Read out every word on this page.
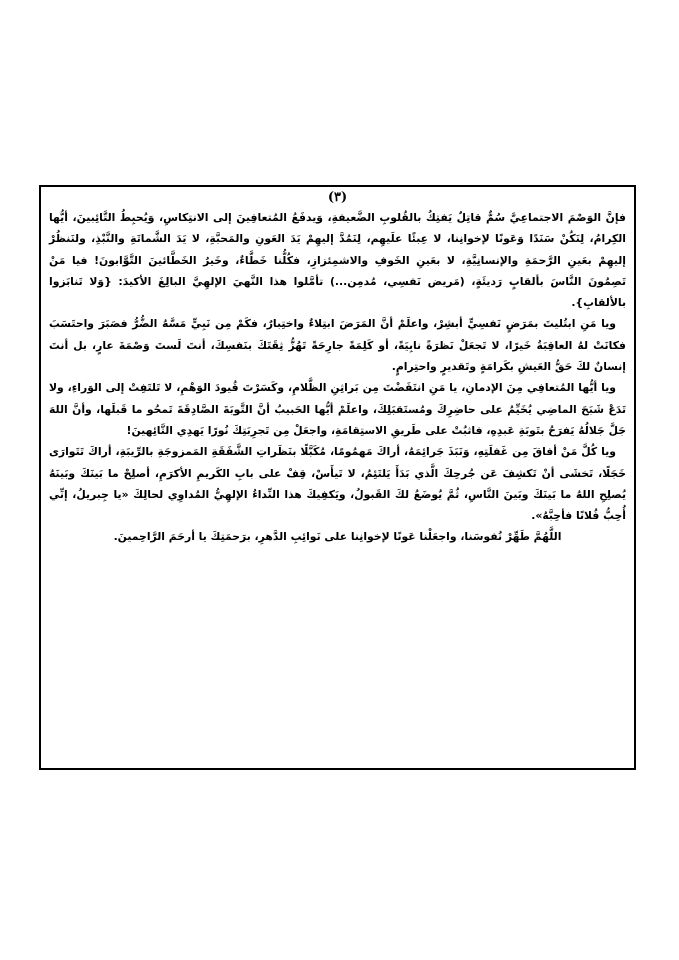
(٣)

فإنَّ الوَصْمَ الاجتماعِيَّ سُمٌّ قاتِلٌ يَفتِكُ بالقُلوبِ الضَّعيفةِ، وَيدفَعُ المُتعافِينَ إلى الانتِكاسِ، وَيُحبِطُ التَّائِبينَ، أيُّها الكِرامُ، لِنَكُنْ سَنَدًا وَعَونًا لإخوانِنا، لا عِبئًا علَيهِم، لِنَمُدَّ إليهِمْ يَدَ العَونِ والمَحبَّةِ، لا يَدَ الشَّماتَةِ والنَّبْذِ، ولنَنظُرْ إليهِمْ بعَينِ الرَّحمَةِ والإنسانِيَّةِ، لا بعَينِ الخَوفِ والاشمِئزازِ، فكُلُّنا خَطَّاءٌ، وخَيرُ الخَطَّائينَ التَّوَّابونَ! فيا مَنْ تَصِمُونَ النَّاسَ بألقابٍ رَديئَةٍ، (مَريض نَفسِي، مُدمِن...) تأمَّلوا هذا النَّهيَ الإلهِيَّ البالِغَ الأكيدَ: {وَلا تَنابَزوا بالألقابِ}.

ويا مَنِ ابتُليتَ بمَرَضٍ نَفسِيٍّ أبشِرْ، واعلَمْ أنَّ المَرَضَ ابتِلاءٌ واختِبارٌ، فكَمْ مِن نَبِيٍّ مَسَّهُ الضُّرُّ فصَبَرَ واحتَسَبَ فكانَتْ لهُ العاقِبَةُ خَيرًا، لا تَجعَلْ نَظرَةً نابِيَةً، أو كَلِمَةً جارِحَةً تَهُزُّ ثِقَتَكَ بنَفسِكَ، أنتَ لَستَ وَصْمَةَ عارٍ، بل أنتَ إنسانٌ لكَ حَقُّ العَيشِ بكَرامَةٍ وتَقديرٍ واحتِرامٍ.

ويا أيُّها المُتعافِي مِنَ الإدمانِ، يا مَنِ انتَفَضْتَ مِن بَراثِنِ الظَّلامِ، وكَسَرْتَ قُيودَ الوَهْمِ، لا تَلتَفِتْ إلى الوَراءِ، ولا تَدَعْ شَبَحَ الماضِي يُخَيِّمُ على حاضِرِكَ ومُستَقبَلِكَ، واعلَمْ أيُّها الحَبيبُ أنَّ التَّوبَةَ الصَّادِقَةَ تَمحُو ما قَبلَها، وأنَّ اللهَ جَلَّ جَلالُهُ يَفرَحُ بتَوبَةِ عَبدِهِ، فاثبُتْ على طَريقِ الاستِقامَةِ، واجعَلْ مِن تَجرِبَتِكَ نُورًا يَهدِي التَّائِهينَ!

ويا كُلَّ مَنْ أفاقَ مِن غَفلَتِهِ، وَنَبَذَ جَرائِمَهُ، أراكَ مَهمُومًا، مُكَبَّلًا بنَظَراتِ الشَّفَقَةِ المَمزوجَةِ بالرِّيبَةِ، أراكَ تَتَوارَى خَجَلًا، تَخشَى أنْ تَكشِفَ عَن جُرحِكَ الَّذي بَدَأَ يَلتَئِمُ، لا تَيأَسْ، قِفْ على بابِ الكَريمِ الأكرَمِ، أصلِحْ ما بَينَكَ وبَينَهُ يُصلِحِ اللهُ ما بَينَكَ وبَينَ النَّاسِ، ثُمَّ يُوضَعُ لكَ القَبولُ، ويَكفِيكَ هذا النِّداءُ الإلهِيُّ المُداوِي لحالِكَ «يا جِبريلُ، إنِّي أُحِبُّ فُلانًا فأحِبَّهُ».

اللَّهُمَّ طَهِّرْ نُفوسَنا، واجعَلْنا عَونًا لإخوانِنا على نَوائِبِ الدَّهرِ، برَحمَتِكَ يا أرحَمَ الرَّاحِمينَ.
